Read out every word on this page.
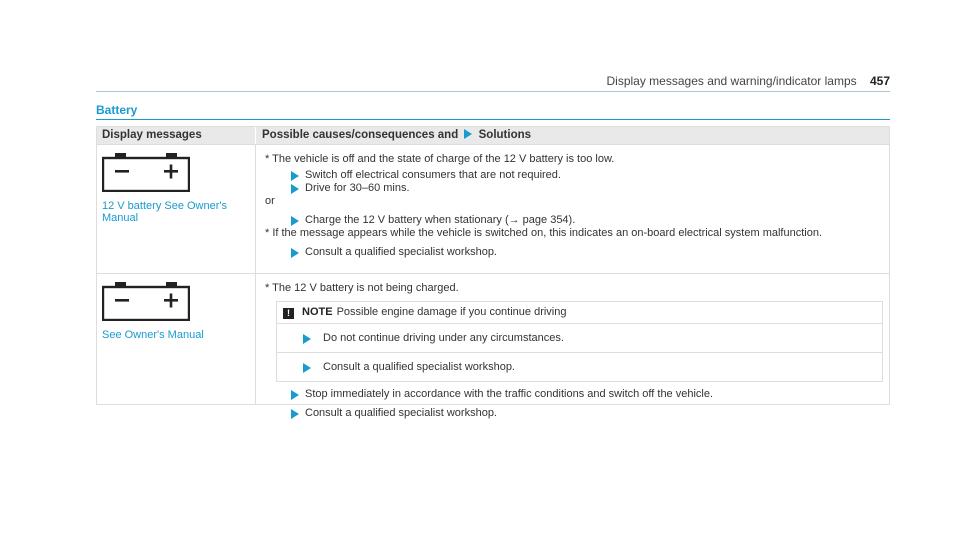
Display messages and warning/indicator lamps 457
Battery
Display messages	Possible causes/consequences and Solutions
12 V battery See Owner's Manual
* The vehicle is off and the state of charge of the 12 V battery is too low.
Switch off electrical consumers that are not required.
Drive for 30–60 mins.
or
Charge the 12 V battery when stationary (→ page 354).
* If the message appears while the vehicle is switched on, this indicates an on-board electrical system malfunction.
Consult a qualified specialist workshop.
See Owner's Manual
* The 12 V battery is not being charged.
! NOTE Possible engine damage if you continue driving
Do not continue driving under any circumstances.
Consult a qualified specialist workshop.
Stop immediately in accordance with the traffic conditions and switch off the vehicle.
Consult a qualified specialist workshop.
